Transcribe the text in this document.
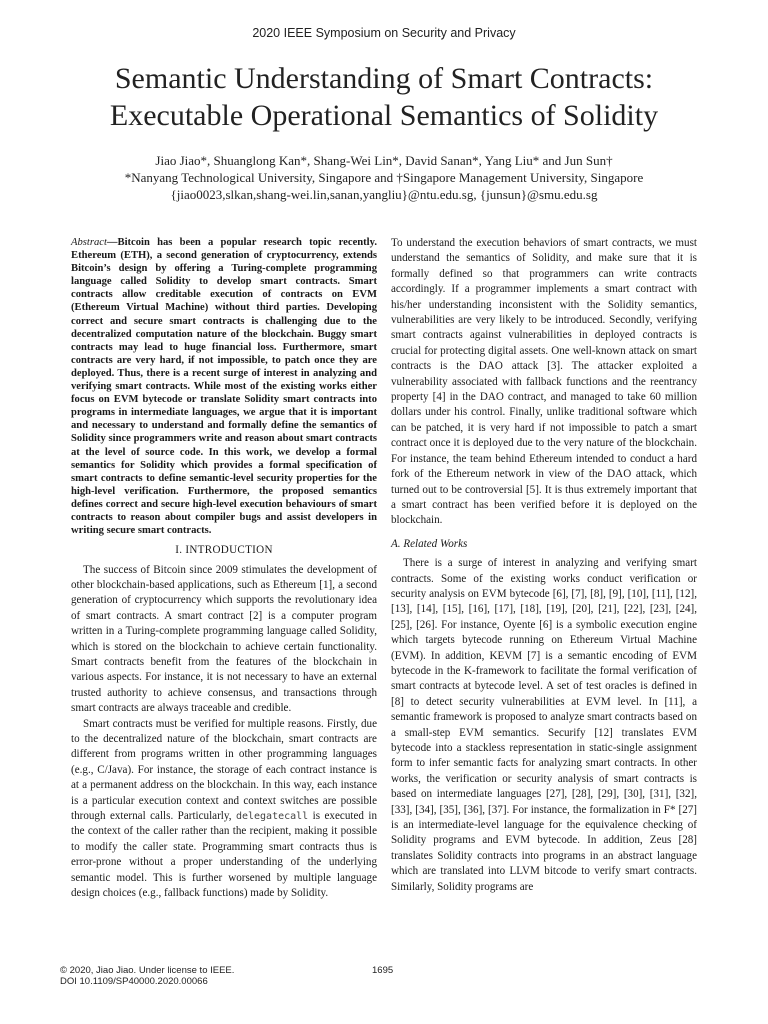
2020 IEEE Symposium on Security and Privacy
Semantic Understanding of Smart Contracts:
Executable Operational Semantics of Solidity
Jiao Jiao*, Shuanglong Kan*, Shang-Wei Lin*, David Sanan*, Yang Liu* and Jun Sun†
*Nanyang Technological University, Singapore and †Singapore Management University, Singapore
{jiao0023,slkan,shang-wei.lin,sanan,yangliu}@ntu.edu.sg, {junsun}@smu.edu.sg

Abstract—Bitcoin has been a popular research topic recently. Ethereum (ETH), a second generation of cryptocurrency, extends Bitcoin’s design by offering a Turing-complete programming language called Solidity to develop smart contracts. Smart contracts allow creditable execution of contracts on EVM (Ethereum Virtual Machine) without third parties. Developing correct and secure smart contracts is challenging due to the decentralized computation nature of the blockchain. Buggy smart contracts may lead to huge financial loss. Furthermore, smart contracts are very hard, if not impossible, to patch once they are deployed. Thus, there is a recent surge of interest in analyzing and verifying smart contracts. While most of the existing works either focus on EVM bytecode or translate Solidity smart contracts into programs in intermediate languages, we argue that it is important and necessary to understand and formally define the semantics of Solidity since programmers write and reason about smart contracts at the level of source code. In this work, we develop a formal semantics for Solidity which provides a formal specification of smart contracts to define semantic-level security properties for the high-level verification. Furthermore, the proposed semantics defines correct and secure high-level execution behaviours of smart contracts to reason about compiler bugs and assist developers in writing secure smart contracts.

I. INTRODUCTION

The success of Bitcoin since 2009 stimulates the development of other blockchain-based applications, such as Ethereum [1], a second generation of cryptocurrency which supports the revolutionary idea of smart contracts. A smart contract [2] is a computer program written in a Turing-complete programming language called Solidity, which is stored on the blockchain to achieve certain functionality. Smart contracts benefit from the features of the blockchain in various aspects. For instance, it is not necessary to have an external trusted authority to achieve consensus, and transactions through smart contracts are always traceable and credible.

Smart contracts must be verified for multiple reasons. Firstly, due to the decentralized nature of the blockchain, smart contracts are different from programs written in other programming languages (e.g., C/Java). For instance, the storage of each contract instance is at a permanent address on the blockchain. In this way, each instance is a particular execution context and context switches are possible through external calls. Particularly, delegatecall is executed in the context of the caller rather than the recipient, making it possible to modify the caller state. Programming smart contracts thus is error-prone without a proper understanding of the underlying semantic model. This is further worsened by multiple language design choices (e.g., fallback functions) made by Solidity.

To understand the execution behaviors of smart contracts, we must understand the semantics of Solidity, and make sure that it is formally defined so that programmers can write contracts accordingly. If a programmer implements a smart contract with his/her understanding inconsistent with the Solidity semantics, vulnerabilities are very likely to be introduced. Secondly, verifying smart contracts against vulnerabilities in deployed contracts is crucial for protecting digital assets. One well-known attack on smart contracts is the DAO attack [3]. The attacker exploited a vulnerability associated with fallback functions and the reentrancy property [4] in the DAO contract, and managed to take 60 million dollars under his control. Finally, unlike traditional software which can be patched, it is very hard if not impossible to patch a smart contract once it is deployed due to the very nature of the blockchain. For instance, the team behind Ethereum intended to conduct a hard fork of the Ethereum network in view of the DAO attack, which turned out to be controversial [5]. It is thus extremely important that a smart contract has been verified before it is deployed on the blockchain.

A. Related Works

There is a surge of interest in analyzing and verifying smart contracts. Some of the existing works conduct verification or security analysis on EVM bytecode [6], [7], [8], [9], [10], [11], [12], [13], [14], [15], [16], [17], [18], [19], [20], [21], [22], [23], [24], [25], [26]. For instance, Oyente [6] is a symbolic execution engine which targets bytecode running on Ethereum Virtual Machine (EVM). In addition, KEVM [7] is a semantic encoding of EVM bytecode in the K-framework to facilitate the formal verification of smart contracts at bytecode level. A set of test oracles is defined in [8] to detect security vulnerabilities at EVM level. In [11], a semantic framework is proposed to analyze smart contracts based on a small-step EVM semantics. Securify [12] translates EVM bytecode into a stackless representation in static-single assignment form to infer semantic facts for analyzing smart contracts. In other works, the verification or security analysis of smart contracts is based on intermediate languages [27], [28], [29], [30], [31], [32], [33], [34], [35], [36], [37]. For instance, the formalization in F* [27] is an intermediate-level language for the equivalence checking of Solidity programs and EVM bytecode. In addition, Zeus [28] translates Solidity contracts into programs in an abstract language which are translated into LLVM bitcode to verify smart contracts. Similarly, Solidity programs are

© 2020, Jiao Jiao. Under license to IEEE.
DOI 10.1109/SP40000.2020.00066
1695
